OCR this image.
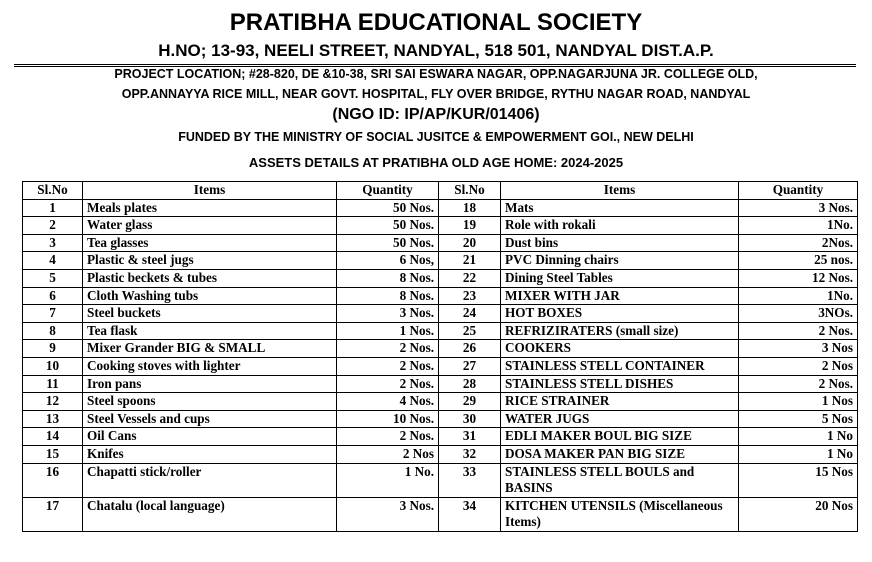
PRATIBHA EDUCATIONAL SOCIETY
H.NO; 13-93, NEELI STREET, NANDYAL, 518 501, NANDYAL DIST.A.P.
PROJECT LOCATION; #28-820, DE &10-38, SRI SAI ESWARA NAGAR, OPP.NAGARJUNA JR. COLLEGE OLD,
OPP.ANNAYYA RICE MILL, NEAR GOVT. HOSPITAL, FLY OVER BRIDGE, RYTHU NAGAR ROAD, NANDYAL
(NGO ID: IP/AP/KUR/01406)
FUNDED BY THE MINISTRY OF SOCIAL JUSITCE & EMPOWERMENT GOI., NEW DELHI
ASSETS DETAILS AT PRATIBHA OLD AGE HOME: 2024-2025
Sl.No	Items	Quantity	Sl.No	Items	Quantity
1	Meals plates	50 Nos.	18	Mats	3 Nos.
2	Water glass	50 Nos.	19	Role with rokali	1No.
3	Tea glasses	50 Nos.	20	Dust bins	2Nos.
4	Plastic & steel jugs	6 Nos,	21	PVC Dinning chairs	25 nos.
5	Plastic beckets & tubes	8 Nos.	22	Dining Steel Tables	12 Nos.
6	Cloth Washing tubs	8 Nos.	23	MIXER WITH JAR	1No.
7	Steel buckets	3 Nos.	24	HOT BOXES	3NOs.
8	Tea flask	1 Nos.	25	REFRIZIRATERS (small size)	2 Nos.
9	Mixer Grander BIG & SMALL	2 Nos.	26	COOKERS	3 Nos
10	Cooking stoves with lighter	2 Nos.	27	STAINLESS STELL CONTAINER	2 Nos
11	Iron pans	2 Nos.	28	STAINLESS STELL DISHES	2 Nos.
12	Steel spoons	4 Nos.	29	RICE STRAINER	1 Nos
13	Steel Vessels and cups	10 Nos.	30	WATER JUGS	5 Nos
14	Oil Cans	2 Nos.	31	EDLI MAKER BOUL BIG SIZE	1 No
15	Knifes	2 Nos	32	DOSA MAKER PAN BIG SIZE	1 No
16	Chapatti stick/roller	1 No.	33	STAINLESS STELL BOULS and BASINS	15 Nos
17	Chatalu (local language)	3 Nos.	34	KITCHEN UTENSILS (Miscellaneous Items)	20 Nos
